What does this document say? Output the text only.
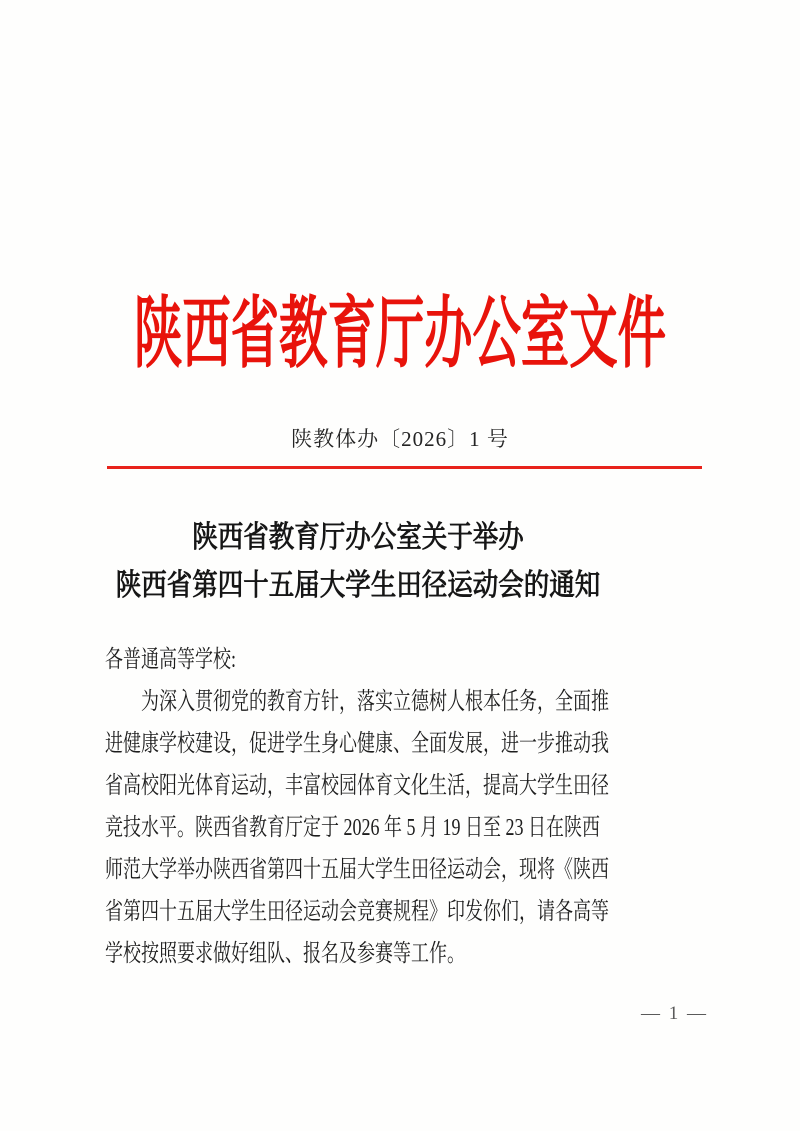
陕西省教育厅办公室文件
陕教体办〔2026〕1 号
陕西省教育厅办公室关于举办
陕西省第四十五届大学生田径运动会的通知
各普通高等学校:
　　为深入贯彻党的教育方针，落实立德树人根本任务，全面推
进健康学校建设，促进学生身心健康、全面发展，进一步推动我
省高校阳光体育运动，丰富校园体育文化生活，提高大学生田径
竞技水平。陕西省教育厅定于 2026 年 5 月 19 日至 23 日在陕西
师范大学举办陕西省第四十五届大学生田径运动会，现将《陕西
省第四十五届大学生田径运动会竞赛规程》印发你们，请各高等
学校按照要求做好组队、报名及参赛等工作。
— 1 —
